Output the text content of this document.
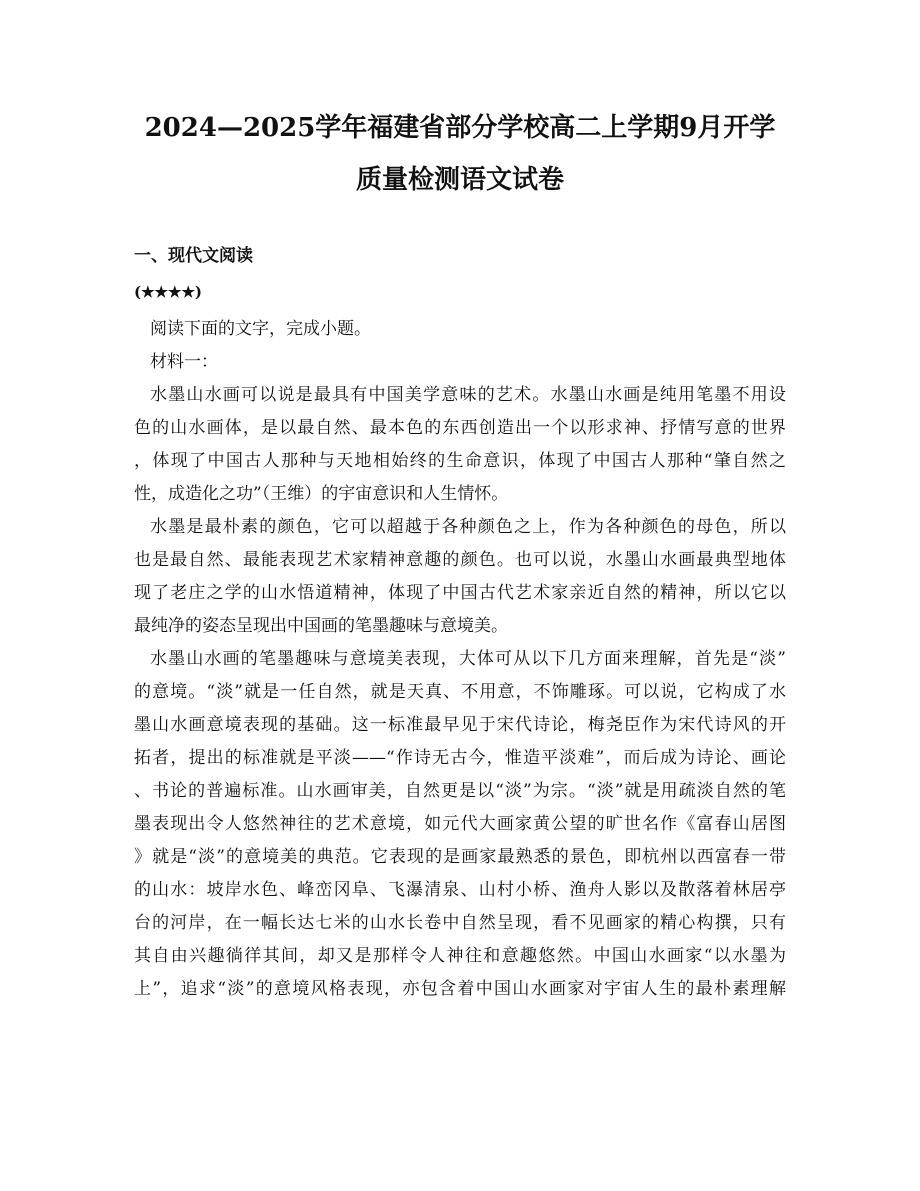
2024—2025学年福建省部分学校高二上学期9月开学
质量检测语文试卷

一、现代文阅读

(★★★★)

阅读下面的文字，完成小题。

材料一：

水墨山水画可以说是最具有中国美学意味的艺术。水墨山水画是纯用笔墨不用设

色的山水画体，是以最自然、最本色的东西创造出一个以形求神、抒情写意的世界

，体现了中国古人那种与天地相始终的生命意识，体现了中国古人那种“肇自然之

性，成造化之功”（王维）的宇宙意识和人生情怀。

水墨是最朴素的颜色，它可以超越于各种颜色之上，作为各种颜色的母色，所以

也是最自然、最能表现艺术家精神意趣的颜色。也可以说，水墨山水画最典型地体

现了老庄之学的山水悟道精神，体现了中国古代艺术家亲近自然的精神，所以它以

最纯净的姿态呈现出中国画的笔墨趣味与意境美。

水墨山水画的笔墨趣味与意境美表现，大体可从以下几方面来理解，首先是“淡”

的意境。“淡”就是一任自然，就是天真、不用意，不饰雕琢。可以说，它构成了水

墨山水画意境表现的基础。这一标准最早见于宋代诗论，梅尧臣作为宋代诗风的开

拓者，提出的标准就是平淡——“作诗无古今，惟造平淡难”，而后成为诗论、画论

、书论的普遍标准。山水画审美，自然更是以“淡”为宗。“淡”就是用疏淡自然的笔

墨表现出令人悠然神往的艺术意境，如元代大画家黄公望的旷世名作《富春山居图

》就是“淡”的意境美的典范。它表现的是画家最熟悉的景色，即杭州以西富春一带

的山水：坡岸水色、峰峦冈阜、飞瀑清泉、山村小桥、渔舟人影以及散落着林居亭

台的河岸，在一幅长达七米的山水长卷中自然呈现，看不见画家的精心构撰，只有

其自由兴趣徜徉其间，却又是那样令人神往和意趣悠然。中国山水画家“以水墨为

上”，追求“淡”的意境风格表现，亦包含着中国山水画家对宇宙人生的最朴素理解
